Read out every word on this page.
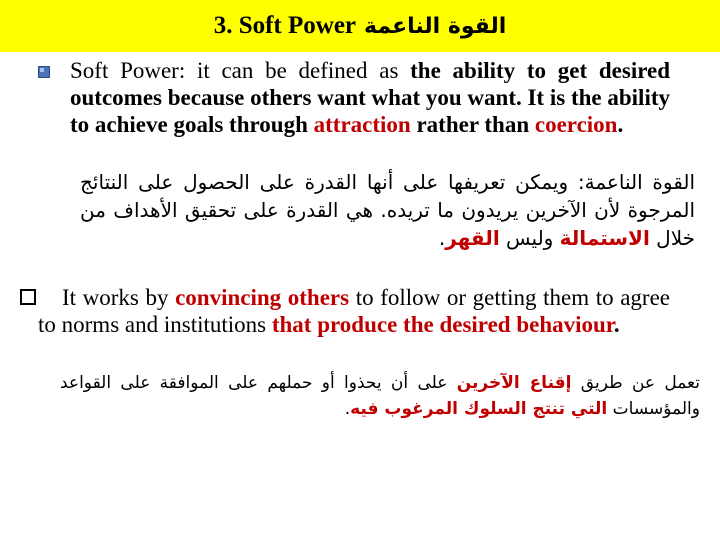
3. Soft Power القوة الناعمة
Soft Power: it can be defined as the ability to get desired outcomes because others want what you want. It is the ability to achieve goals through attraction rather than coercion.
القوة الناعمة: ويمكن تعريفها على أنها القدرة على الحصول على النتائج المرجوة لأن الآخرين يريدون ما تريده. هي القدرة على تحقيق الأهداف من خلال الاستمالة وليس القهر.
It works by convincing others to follow or getting them to agree to norms and institutions that produce the desired behaviour.
تعمل عن طريق إقناع الآخرين على أن يحذوا أو حملهم على الموافقة على القواعد والمؤسسات التي تنتج السلوك المرغوب فيه.
